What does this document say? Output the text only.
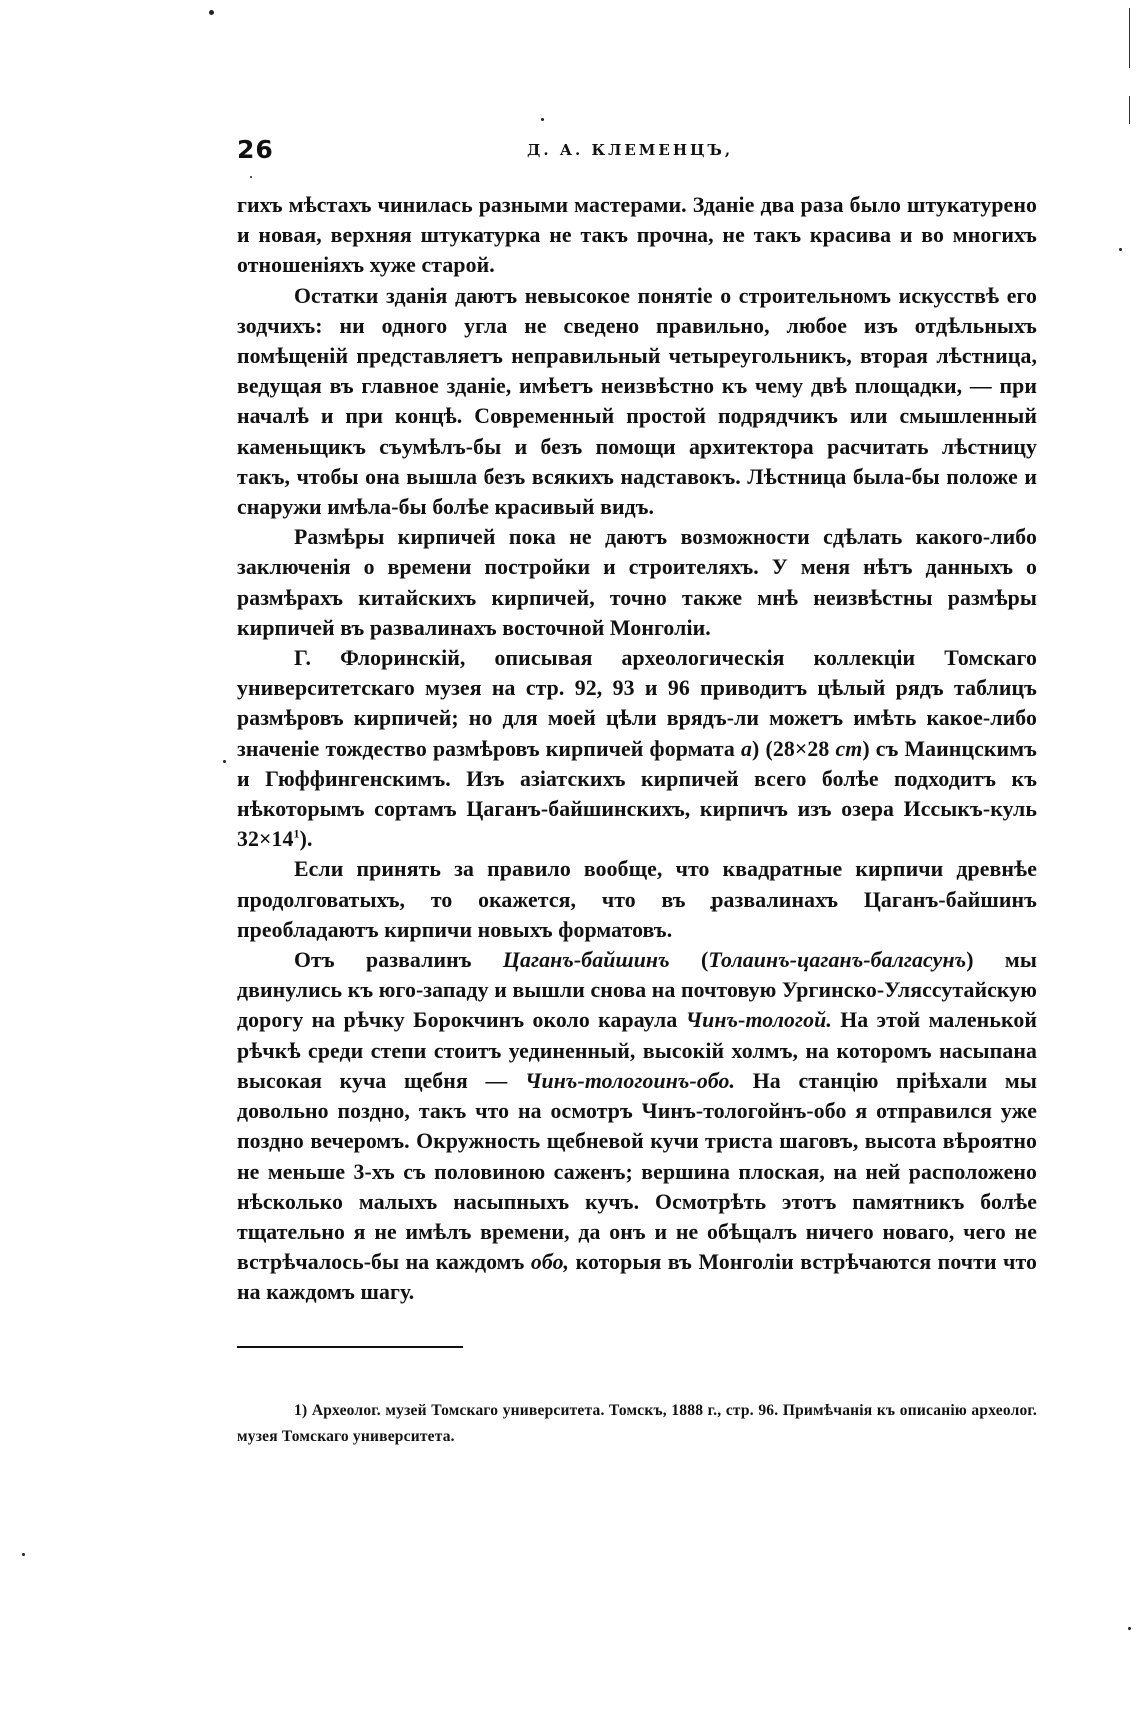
26	Д. А. КЛЕМЕНЦЪ,

гихъ мѣстахъ чинилась разными мастерами. Зданіе два раза было штукатурено и новая, верхняя штукатурка не такъ прочна, не такъ красива и во многихъ отношеніяхъ хуже старой.

Остатки зданія даютъ невысокое понятіе о строительномъ искусствѣ его зодчихъ: ни одного угла не сведено правильно, любое изъ отдѣльныхъ помѣщеній представляетъ неправильный четыреугольникъ, вторая лѣстница, ведущая въ главное зданіе, имѣетъ неизвѣстно къ чему двѣ площадки, — при началѣ и при концѣ. Современный простой подрядчикъ или смышленный каменьщикъ съумѣлъ-бы и безъ помощи архитектора расчитать лѣстницу такъ, чтобы она вышла безъ всякихъ надставокъ. Лѣстница была-бы положе и снаружи имѣла-бы болѣе красивый видъ.

Размѣры кирпичей пока не даютъ возможности сдѣлать какого-либо заключенія о времени постройки и строителяхъ. У меня нѣтъ данныхъ о размѣрахъ китайскихъ кирпичей, точно также мнѣ неизвѣстны размѣры кирпичей въ развалинахъ восточной Монголіи.

Г. Флоринскій, описывая археологическія коллекціи Томскаго университетскаго музея на стр. 92, 93 и 96 приводитъ цѣлый рядъ таблицъ размѣровъ кирпичей; но для моей цѣли врядъ-ли можетъ имѣть какое-либо значеніе тождество размѣровъ кирпичей формата a) (28×28 cm) съ Маинцскимъ и Гюффингенскимъ. Изъ азіатскихъ кирпичей всего болѣе подходитъ къ нѣкоторымъ сортамъ Цаганъ-байшинскихъ, кирпичъ изъ озера Иссыкъ-куль $32\times 14^1$).

Если принять за правило вообще, что квадратные кирпичи древнѣе продолговатыхъ, то окажется, что въ развалинахъ Цаганъ-байшинъ преобладаютъ кирпичи новыхъ форматовъ.

Отъ развалинъ Цаганъ-байшинъ (Толаинъ-цаганъ-балгасунъ) мы двинулись къ юго-западу и вышли снова на почтовую Ургинско-Уляссутайскую дорогу на рѣчку Борокчинъ около караула Чинъ-тологой. На этой маленькой рѣчкѣ среди степи стоитъ уединенный, высокій холмъ, на которомъ насыпана высокая куча щебня — Чинъ-тологоинъ-обо. На станцію пріѣхали мы довольно поздно, такъ что на осмотръ Чинъ-тологойнъ-обо я отправился уже поздно вечеромъ. Окружность щебневой кучи триста шаговъ, высота вѣроятно не меньше 3-хъ съ половиною саженъ; вершина плоская, на ней расположено нѣсколько малыхъ насыпныхъ кучъ. Осмотрѣть этотъ памятникъ болѣе тщательно я не имѣлъ времени, да онъ и не обѣщалъ ничего новаго, чего не встрѣчалось-бы на каждомъ обо, которыя въ Монголіи встрѣчаются почти что на каждомъ шагу.

1) Археолог. музей Томскаго университета. Томскъ, 1888 г., стр. 96. Примѣчанія къ описанію археолог. музея Томскаго университета.
